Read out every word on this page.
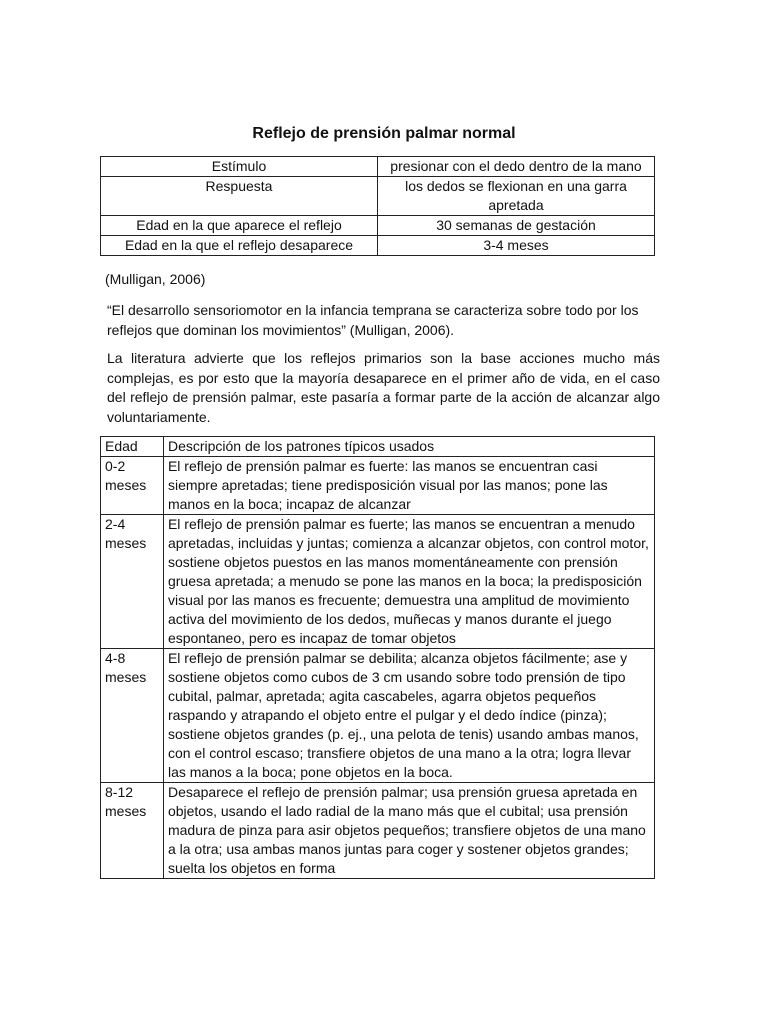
Reflejo de prensión palmar normal
Estímulo	presionar con el dedo dentro de la mano
Respuesta	los dedos se flexionan en una garra apretada
Edad en la que aparece el reflejo	30 semanas de gestación
Edad en la que el reflejo desaparece	3-4 meses
(Mulligan, 2006)
“El desarrollo sensoriomotor en la infancia temprana se caracteriza sobre todo por los reflejos que dominan los movimientos” (Mulligan, 2006).
La literatura advierte que los reflejos primarios son la base acciones mucho más complejas, es por esto que la mayoría desaparece en el primer año de vida, en el caso del reflejo de prensión palmar, este pasaría a formar parte de la acción de alcanzar algo voluntariamente.
Edad	Descripción de los patrones típicos usados
0-2 meses	El reflejo de prensión palmar es fuerte: las manos se encuentran casi siempre apretadas; tiene predisposición visual por las manos; pone las manos en la boca; incapaz de alcanzar
2-4 meses	El reflejo de prensión palmar es fuerte; las manos se encuentran a menudo apretadas, incluidas y juntas; comienza a alcanzar objetos, con control motor, sostiene objetos puestos en las manos momentáneamente con prensión gruesa apretada; a menudo se pone las manos en la boca; la predisposición visual por las manos es frecuente; demuestra una amplitud de movimiento activa del movimiento de los dedos, muñecas y manos durante el juego espontaneo, pero es incapaz de tomar objetos
4-8 meses	El reflejo de prensión palmar se debilita; alcanza objetos fácilmente; ase y sostiene objetos como cubos de 3 cm usando sobre todo prensión de tipo cubital, palmar, apretada; agita cascabeles, agarra objetos pequeños raspando y atrapando el objeto entre el pulgar y el dedo índice (pinza); sostiene objetos grandes (p. ej., una pelota de tenis) usando ambas manos, con el control escaso; transfiere objetos de una mano a la otra; logra llevar las manos a la boca; pone objetos en la boca.
8-12 meses	Desaparece el reflejo de prensión palmar; usa prensión gruesa apretada en objetos, usando el lado radial de la mano más que el cubital; usa prensión madura de pinza para asir objetos pequeños; transfiere objetos de una mano a la otra; usa ambas manos juntas para coger y sostener objetos grandes; suelta los objetos en forma
